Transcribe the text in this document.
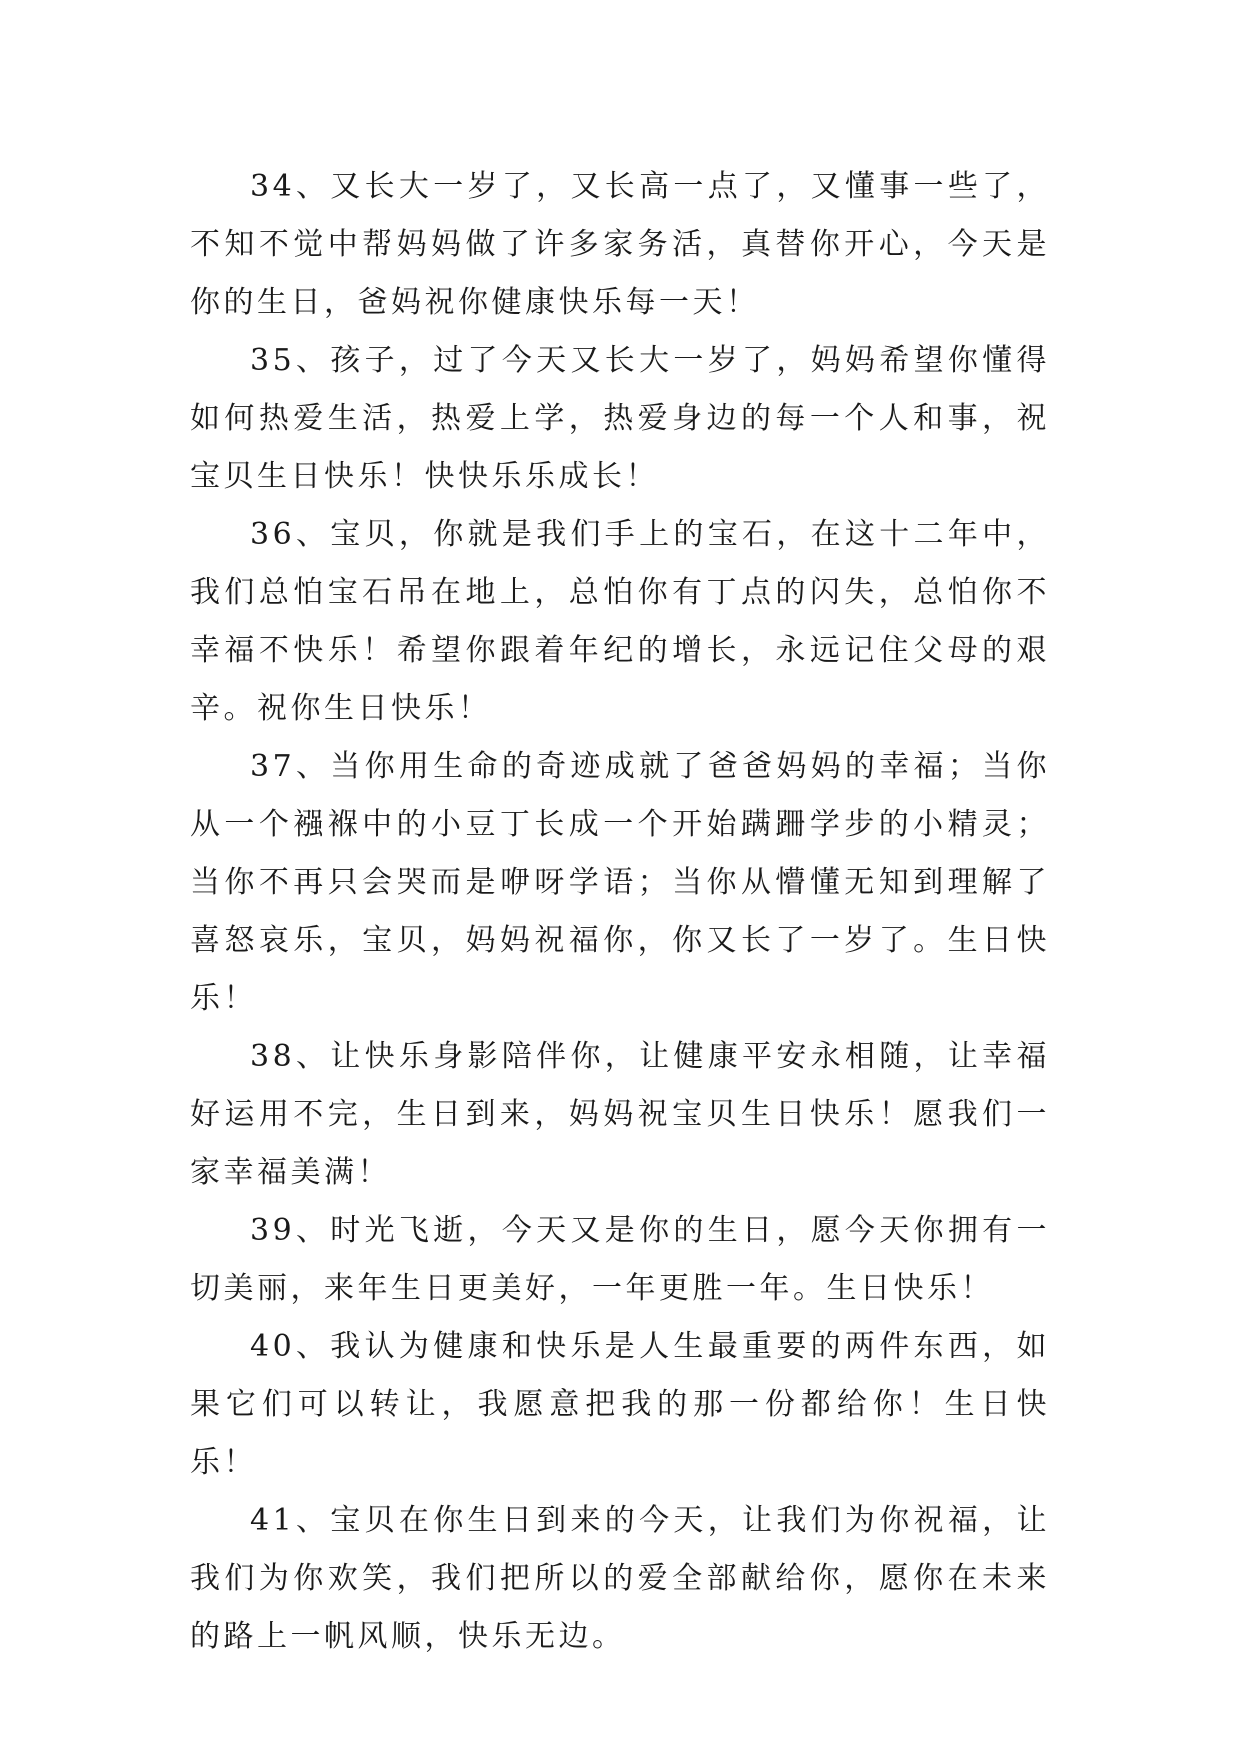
34、又长大一岁了，又长高一点了，又懂事一些了，不知不觉中帮妈妈做了许多家务活，真替你开心，今天是你的生日，爸妈祝你健康快乐每一天！

35、孩子，过了今天又长大一岁了，妈妈希望你懂得如何热爱生活，热爱上学，热爱身边的每一个人和事，祝宝贝生日快乐！快快乐乐成长！

36、宝贝，你就是我们手上的宝石，在这十二年中，我们总怕宝石吊在地上，总怕你有丁点的闪失，总怕你不幸福不快乐！希望你跟着年纪的增长，永远记住父母的艰辛。祝你生日快乐！

37、当你用生命的奇迹成就了爸爸妈妈的幸福；当你从一个襁褓中的小豆丁长成一个开始蹒跚学步的小精灵；当你不再只会哭而是咿呀学语；当你从懵懂无知到理解了喜怒哀乐，宝贝，妈妈祝福你，你又长了一岁了。生日快乐！

38、让快乐身影陪伴你，让健康平安永相随，让幸福好运用不完，生日到来，妈妈祝宝贝生日快乐！愿我们一家幸福美满！

39、时光飞逝，今天又是你的生日，愿今天你拥有一切美丽，来年生日更美好，一年更胜一年。生日快乐！

40、我认为健康和快乐是人生最重要的两件东西，如果它们可以转让，我愿意把我的那一份都给你！生日快乐！

41、宝贝在你生日到来的今天，让我们为你祝福，让我们为你欢笑，我们把所以的爱全部献给你，愿你在未来的路上一帆风顺，快乐无边。
